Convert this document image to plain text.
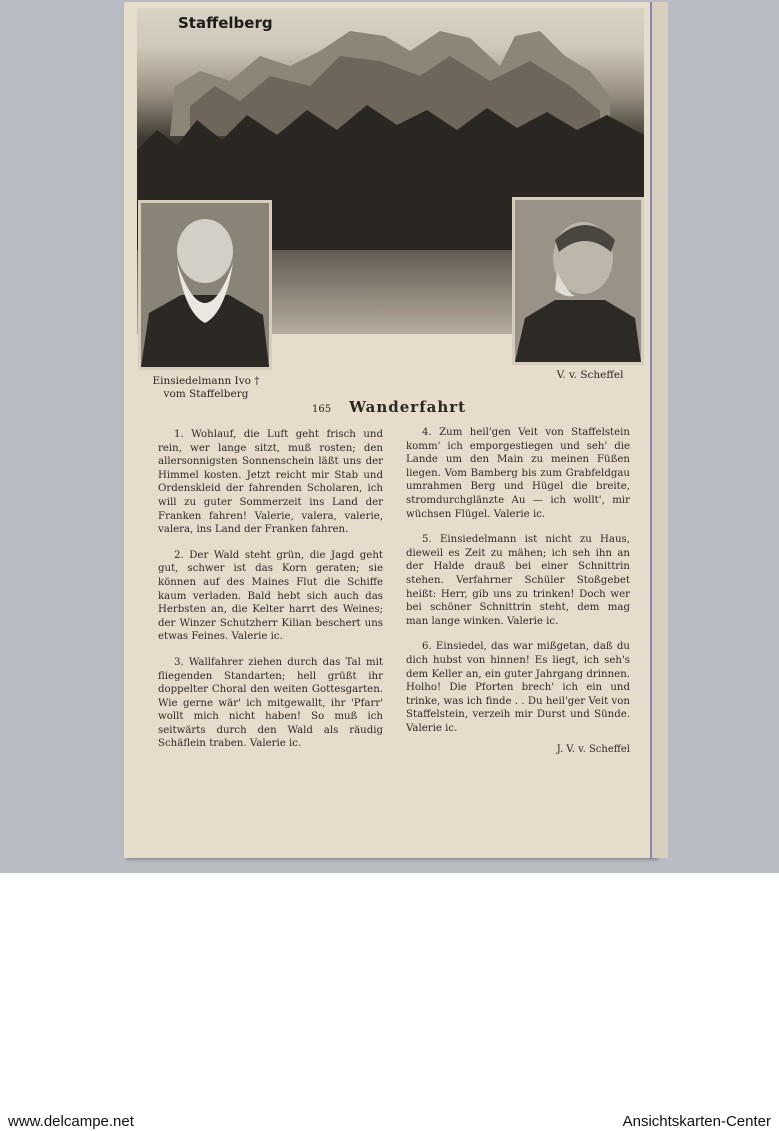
Staffelberg
Einsiedelmann Ivo † vom Staffelberg
V. v. Scheffel
165 Wanderfahrt

1. Wohlauf, die Luft geht frisch und rein, wer lange sitzt, muß rosten; den allersonnigsten Sonnenschein läßt uns der Himmel kosten. Jetzt reicht mir Stab und Ordenskleid der fahrenden Scholaren, ich will zu guter Sommerzeit ins Land der Franken fahren! Valerie, valera, valerie, valera, ins Land der Franken fahren.

2. Der Wald steht grün, die Jagd geht gut, schwer ist das Korn geraten; sie können auf des Maines Flut die Schiffe kaum verladen. Bald hebt sich auch das Herbsten an, die Kelter harrt des Weines; der Winzer Schutzherr Kilian beschert uns etwas Feines. Valerie ic.

3. Wallfahrer ziehen durch das Tal mit fliegenden Standarten; hell grüßt ihr doppelter Choral den weiten Gottesgarten. Wie gerne wär' ich mitgewallt, ihr 'Pfarr' wollt mich nicht haben! So muß ich seitwärts durch den Wald als räudig Schäflein traben. Valerie ic.

4. Zum heil'gen Veit von Staffelstein komm' ich emporgestiegen und seh' die Lande um den Main zu meinen Füßen liegen. Vom Bamberg bis zum Grabfeldgau umrahmen Berg und Hügel die breite, stromdurchglänzte Au — ich wollt', mir wüchsen Flügel. Valerie ic.

5. Einsiedelmann ist nicht zu Haus, dieweil es Zeit zu mähen; ich seh ihn an der Halde drauß bei einer Schnittrin stehen. Verfahrner Schüler Stoßgebet heißt: Herr, gib uns zu trinken! Doch wer bei schöner Schnittrin steht, dem mag man lange winken. Valerie ic.

6. Einsiedel, das war mißgetan, daß du dich hubst von hinnen! Es liegt, ich seh's dem Keller an, ein guter Jahrgang drinnen. Holho! Die Pforten brech' ich ein und trinke, was ich finde . . Du heil'ger Veit von Staffelstein, verzeih mir Durst und Sünde. Valerie ic.

J. V. v. Scheffel
www.delcampe.net	Ansichtskarten-Center
